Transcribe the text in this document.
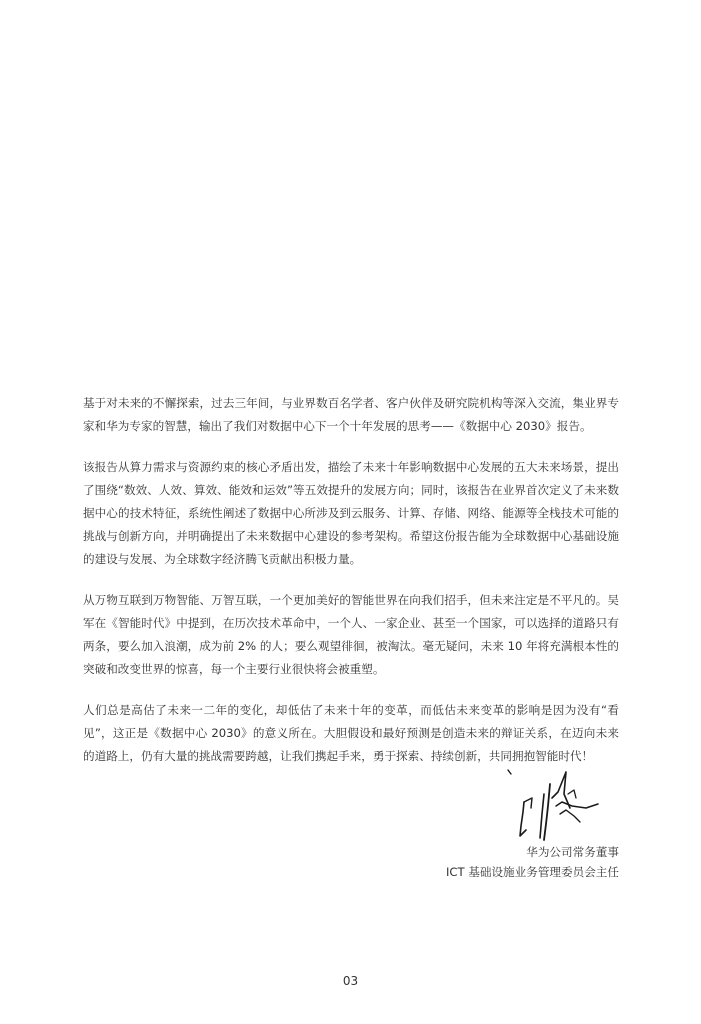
基于对未来的不懈探索，过去三年间，与业界数百名学者、客户伙伴及研究院机构等深入交流，集业界专家和华为专家的智慧，输出了我们对数据中心下一个十年发展的思考——《数据中心 2030》报告。

该报告从算力需求与资源约束的核心矛盾出发，描绘了未来十年影响数据中心发展的五大未来场景，提出了围绕“数效、人效、算效、能效和运效”等五效提升的发展方向；同时，该报告在业界首次定义了未来数据中心的技术特征，系统性阐述了数据中心所涉及到云服务、计算、存储、网络、能源等全栈技术可能的挑战与创新方向，并明确提出了未来数据中心建设的参考架构。希望这份报告能为全球数据中心基础设施的建设与发展、为全球数字经济腾飞贡献出积极力量。

从万物互联到万物智能、万智互联，一个更加美好的智能世界在向我们招手，但未来注定是不平凡的。吴军在《智能时代》中提到，在历次技术革命中，一个人、一家企业、甚至一个国家，可以选择的道路只有两条，要么加入浪潮，成为前 2% 的人；要么观望徘徊，被淘汰。毫无疑问，未来 10 年将充满根本性的突破和改变世界的惊喜，每一个主要行业很快将会被重塑。

人们总是高估了未来一二年的变化，却低估了未来十年的变革，而低估未来变革的影响是因为没有“看见”，这正是《数据中心 2030》的意义所在。大胆假设和最好预测是创造未来的辩证关系，在迈向未来的道路上，仍有大量的挑战需要跨越，让我们携起手来，勇于探索、持续创新，共同拥抱智能时代！

华为公司常务董事
ICT 基础设施业务管理委员会主任
03
